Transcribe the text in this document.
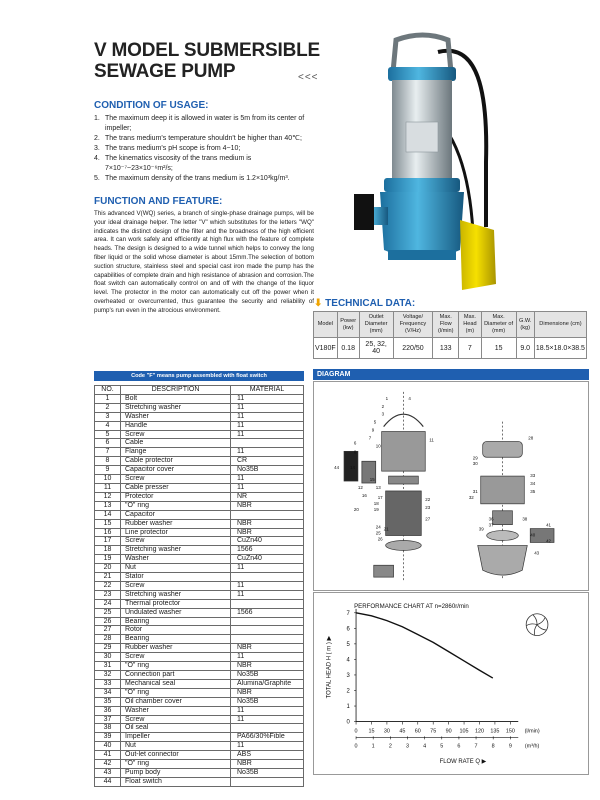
V MODEL SUBMERSIBLE
SEWAGE PUMP	<<<
CONDITION OF USAGE:
1. The maximum deep it is allowed in water is 5m from its center of impeller;
2. The trans medium's temperature shouldn't be higher than 40℃;
3. The trans medium's pH scope is from 4~10;
4. The kinematics viscosity of the trans medium is 7×10⁻⁷~23×10⁻⁶m²/s;
5. The maximum density of the trans medium is 1.2×10³kg/m³.
FUNCTION AND FEATURE:
This advanced V(WQ) series, a branch of single-phase drainage pumps, will be your ideal drainage helper. The letter "V" which substitutes for the letters "WQ" indicates the distinct design of the filter and the broadness of the high efficient area. It can work safely and efficiently at high flux with the feature of complete heads. The design is designed to a wide tunnel which helps to convey the long fiber liquid or the solid whose diameter is about 15mm.The selection of bottom suction structure, stainless steel and special cast iron made the pump has the capabilities of complete drain and high resistance of abrasion and corrosion.The float switch can automatically control on and off with the change of the liquor level. The protector in the motor can automatically cut off the power when it overheated or overcurrented, thus guarantee the security and reliability of pump's run even in the atrocious environment.
⬇ TECHNICAL DATA:
Model	Power (kw)	Outlet Diameter (mm)	Voltage/ Frequency (V/Hz)	Max. Flow (l/min)	Max. Head (m)	Max. Diameter of (mm)	G.W. (kg)	Dimensione (cm)
V180F	0.18	25, 32, 40	220/50	133	7	15	9.0	18.5×18.0×38.5
Code "F" means pump assembled with float switch
NO.	DESCRIPTION	MATERIAL
1	Bolt	11
2	Stretching washer	11
3	Washer	11
4	Handle	11
5	Screw	11
6	Cable	
7	Flange	11
8	Cable protector	CR
9	Capacitor cover	No35B
10	Screw	11
11	Cable presser	11
12	Protector	NR
13	"O" ring	NBR
14	Capacitor	
15	Rubber washer	NBR
16	Line protector	NBR
17	Screw	CuZn40
18	Stretching washer	1566
19	Washer	CuZn40
20	Nut	11
21	Stator	
22	Screw	11
23	Stretching washer	11
24	Thermal protector	
25	Undulated washer	1566
26	Bearing	
27	Rotor	
28	Bearing	
29	Rubber washer	NBR
30	Screw	11
31	"O" ring	NBR
32	Connection part	No35B
33	Mechanical seal	Alumina/Graphite
34	"O" ring	NBR
35	Oil chamber cover	No35B
36	Washer	11
37	Screw	11
38	Oil seal	
39	Impeller	PA66/30%Fible
40	Nut	11
41	Out-let connector	ABS
42	"O" ring	NBR
43	Pump body	No35B
44	Float switch	
DIAGRAM
1
2
3
4
5
6
7
8
9
10
11
12	13
14
15
16 17
18
19
20
21
22
23
24
25
26
27
28
29
30
31
32
33
34
35
36
37
38
39
40
41
42
43
44
PERFORMANCE CHART AT n=2860r/min
0
1
2
3
4
5
6
7
0 15 30 45 60 75 90 105 120 135 150 (l/min)
0	1	2	3	4	5	6	7	8	9 (m³/h)
FLOW RATE Q ▶
TOTAL HEAD H ( m ) ▶
